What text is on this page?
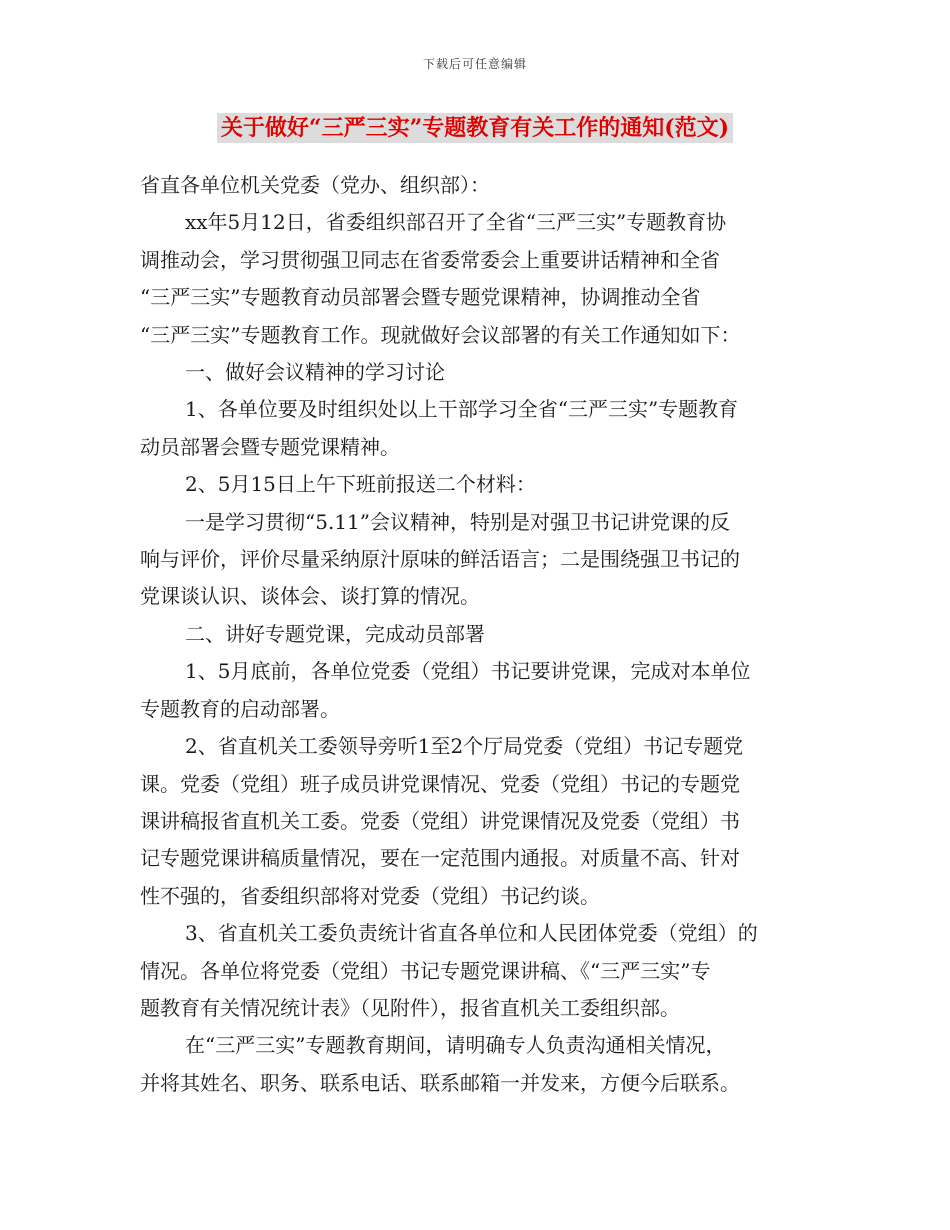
下载后可任意编辑
关于做好“三严三实”专题教育有关工作的通知(范文)

省直各单位机关党委（党办、组织部）：

xx年5月12日，省委组织部召开了全省“三严三实”专题教育协

调推动会，学习贯彻强卫同志在省委常委会上重要讲话精神和全省

“三严三实”专题教育动员部署会暨专题党课精神，协调推动全省

“三严三实”专题教育工作。现就做好会议部署的有关工作通知如下：

一、做好会议精神的学习讨论

1、各单位要及时组织处以上干部学习全省“三严三实”专题教育

动员部署会暨专题党课精神。

2、5月15日上午下班前报送二个材料：

一是学习贯彻“5.11”会议精神，特别是对强卫书记讲党课的反

响与评价，评价尽量采纳原汁原味的鲜活语言；二是围绕强卫书记的

党课谈认识、谈体会、谈打算的情况。

二、讲好专题党课，完成动员部署

1、5月底前，各单位党委（党组）书记要讲党课，完成对本单位

专题教育的启动部署。

2、省直机关工委领导旁听1至2个厅局党委（党组）书记专题党

课。党委（党组）班子成员讲党课情况、党委（党组）书记的专题党

课讲稿报省直机关工委。党委（党组）讲党课情况及党委（党组）书

记专题党课讲稿质量情况，要在一定范围内通报。对质量不高、针对

性不强的，省委组织部将对党委（党组）书记约谈。

3、省直机关工委负责统计省直各单位和人民团体党委（党组）的

情况。各单位将党委（党组）书记专题党课讲稿、《“三严三实”专

题教育有关情况统计表》（见附件），报省直机关工委组织部。

在“三严三实”专题教育期间，请明确专人负责沟通相关情况，

并将其姓名、职务、联系电话、联系邮箱一并发来，方便今后联系。
